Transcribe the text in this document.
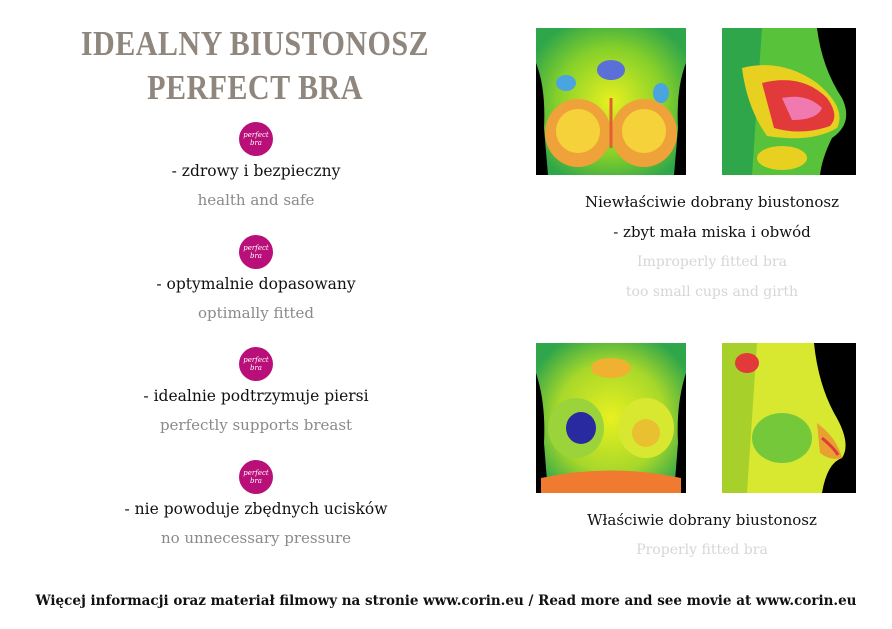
IDEALNY BIUSTONOSZ
PERFECT BRA
perfect
bra
- zdrowy i bezpieczny
health and safe
perfect
bra
- optymalnie dopasowany
optimally fitted
perfect
bra
- idealnie podtrzymuje piersi
perfectly supports breast
perfect
bra
- nie powoduje zbędnych ucisków
no unnecessary pressure
Niewłaściwie dobrany biustonosz
- zbyt mała miska i obwód
Improperly fitted bra
too small cups and girth
Właściwie dobrany biustonosz
Properly fitted bra
Więcej informacji oraz materiał filmowy na stronie www.corin.eu / Read more and see movie at www.corin.eu
